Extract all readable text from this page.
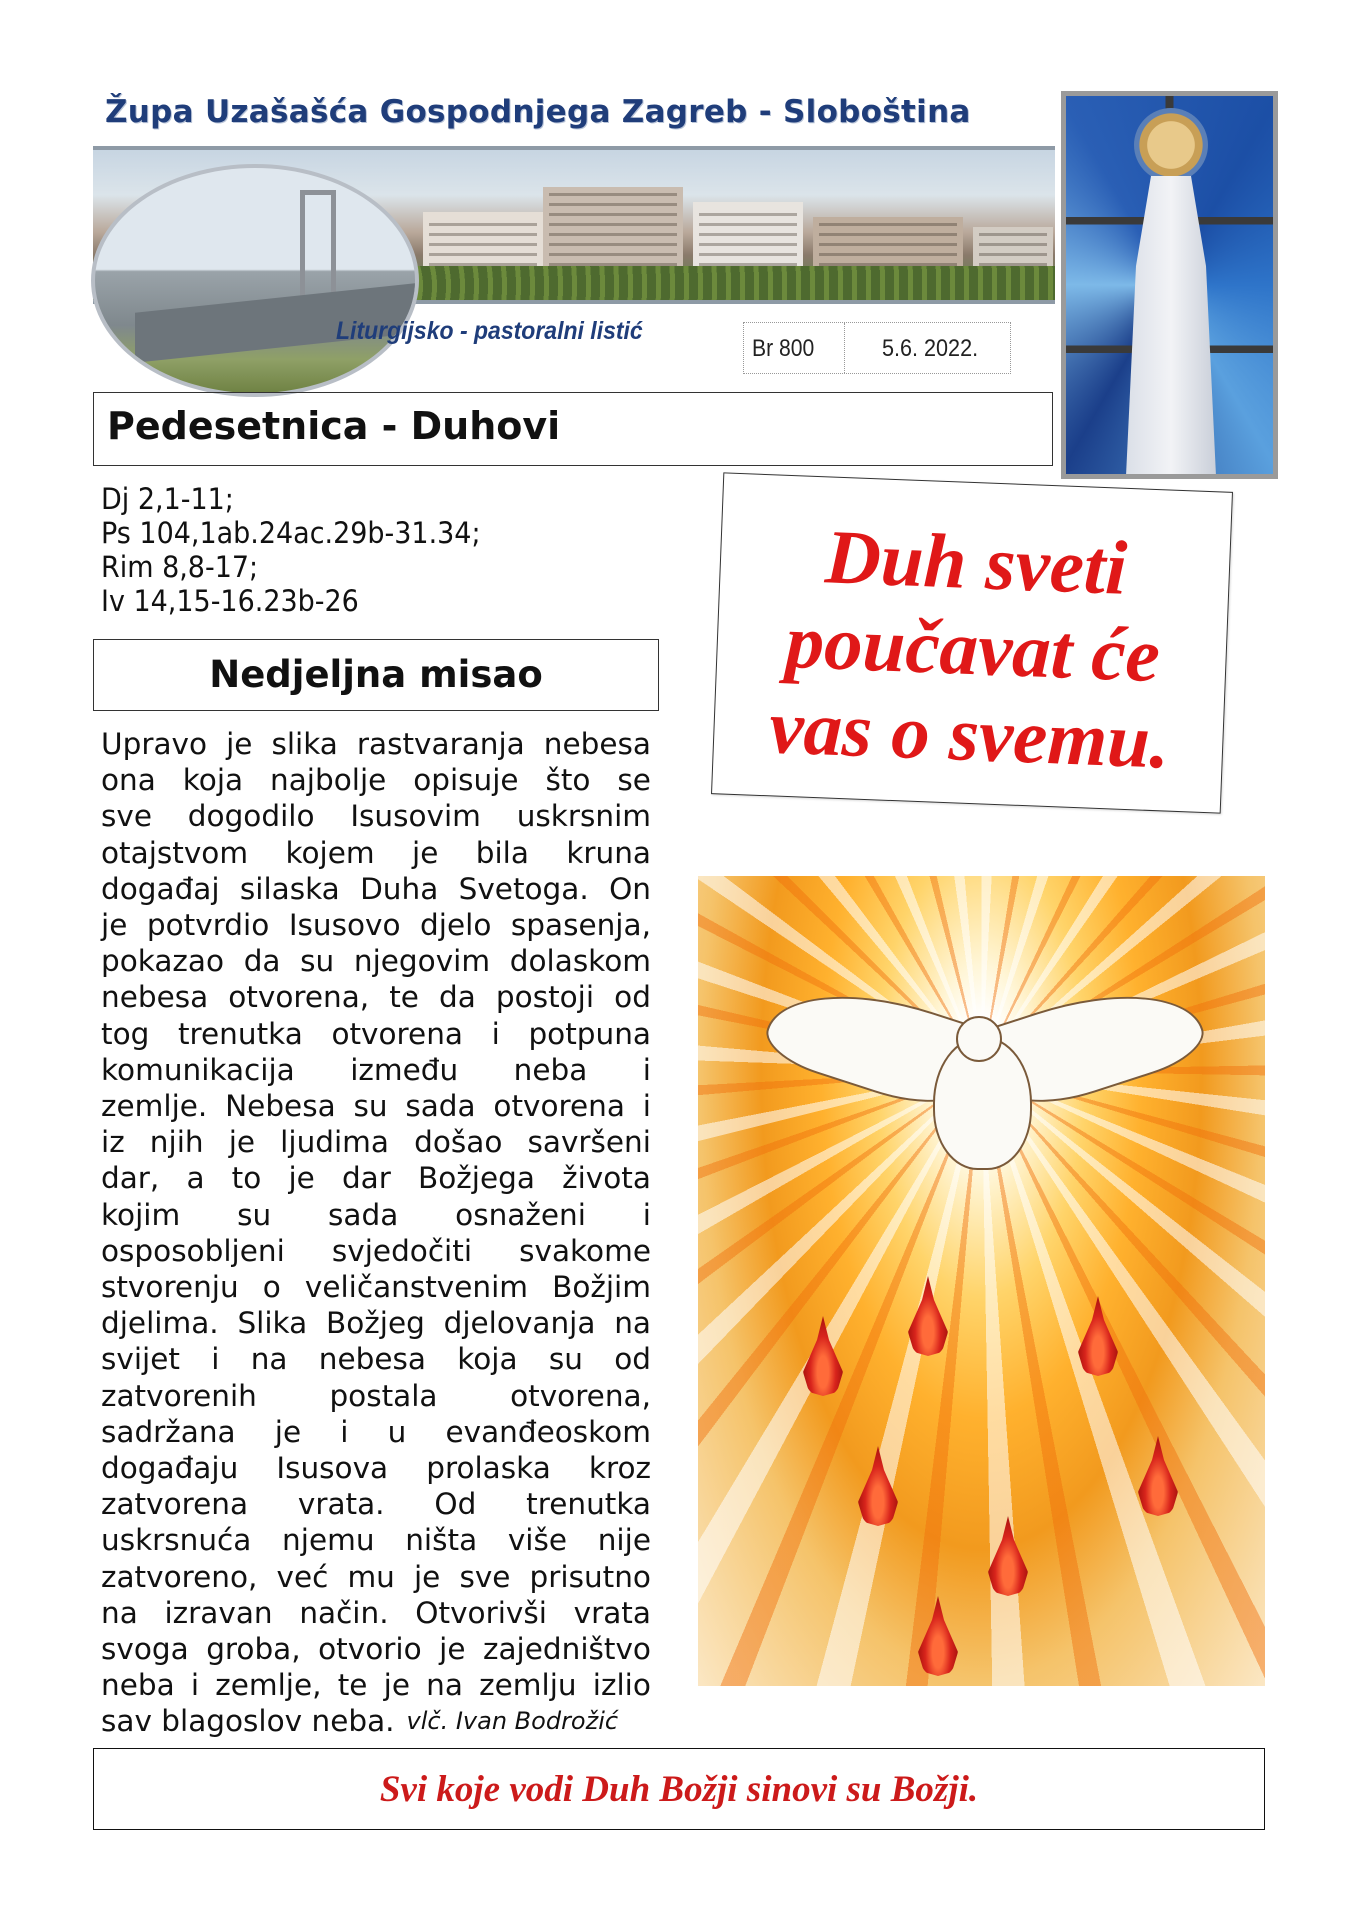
Župa Uzašašća Gospodnjega Zagreb - Sloboština
Liturgijsko - pastoralni listić
Br 800	5.6. 2022.
Pedesetnica - Duhovi
Dj 2,1-11;
Ps 104,1ab.24ac.29b-31.34;
Rim 8,8-17;
Iv 14,15-16.23b-26	Duh sveti
poučavat će
vas o svemu.
Nedjeljna misao
Upravo je slika rastvaranja nebesa
ona koja najbolje opisuje što se
sve dogodilo Isusovim uskrsnim
otajstvom kojem je bila kruna
događaj silaska Duha Svetoga. On
je potvrdio Isusovo djelo spasenja,
pokazao da su njegovim dolaskom
nebesa otvorena, te da postoji od
tog trenutka otvorena i potpuna
komunikacija između neba i
zemlje. Nebesa su sada otvorena i
iz njih je ljudima došao savršeni
dar, a to je dar Božjega života
kojim su sada osnaženi i
osposobljeni svjedočiti svakome
stvorenju o veličanstvenim Božjim
djelima. Slika Božjeg djelovanja na
svijet i na nebesa koja su od
zatvorenih postala otvorena,
sadržana je i u evanđeoskom
događaju Isusova prolaska kroz
zatvorena vrata. Od trenutka
uskrsnuća njemu ništa više nije
zatvoreno, već mu je sve prisutno
na izravan način. Otvorivši vrata
svoga groba, otvorio je zajedništvo
neba i zemlje, te je na zemlju izlio
sav blagoslov neba. vlč. Ivan Bodrožić
Svi koje vodi Duh Božji sinovi su Božji.
